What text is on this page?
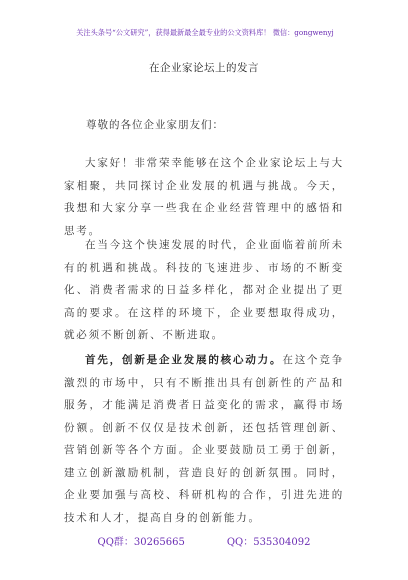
关注头条号“公文研究”，获得最新最全最专业的公文资料库！ 微信：gongwenyj
在企业家论坛上的发言
尊敬的各位企业家朋友们：

大家好！非常荣幸能够在这个企业家论坛上与大家相聚，共同探讨企业发展的机遇与挑战。今天，我想和大家分享一些我在企业经营管理中的感悟和思考。

在当今这个快速发展的时代，企业面临着前所未有的机遇和挑战。科技的飞速进步、市场的不断变化、消费者需求的日益多样化，都对企业提出了更高的要求。在这样的环境下，企业要想取得成功，就必须不断创新、不断进取。

首先，创新是企业发展的核心动力。在这个竞争激烈的市场中，只有不断推出具有创新性的产品和服务，才能满足消费者日益变化的需求，赢得市场份额。创新不仅仅是技术创新，还包括管理创新、营销创新等各个方面。企业要鼓励员工勇于创新，建立创新激励机制，营造良好的创新氛围。同时，企业要加强与高校、科研机构的合作，引进先进的技术和人才，提高自身的创新能力。

QQ群：30265665	QQ：535304092
